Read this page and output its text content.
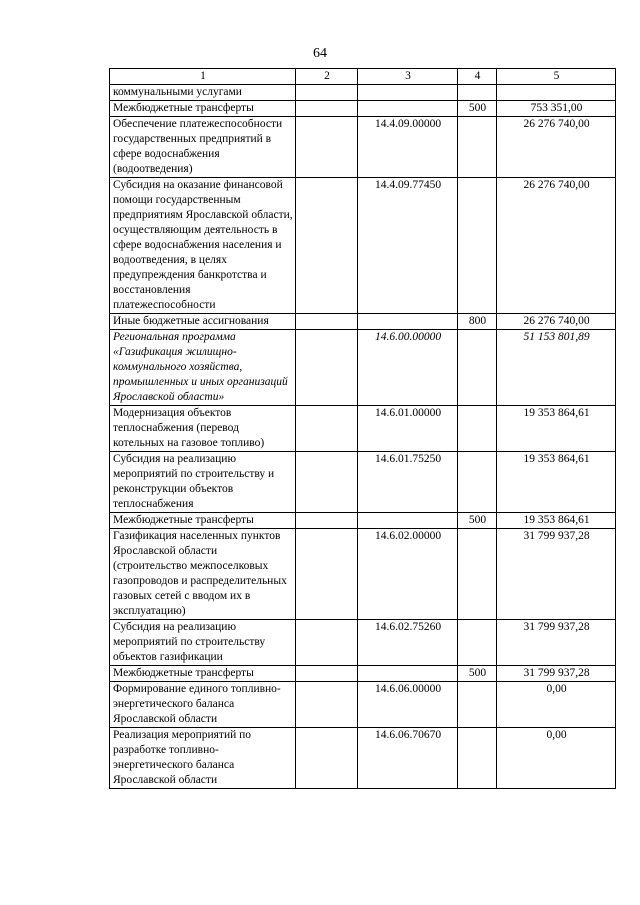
64
1	2	3	4	5
коммунальными услугами				
Межбюджетные трансферты			500	753 351,00
Обеспечение платежеспособности государственных предприятий в сфере водоснабжения (водоотведения)		14.4.09.00000		26 276 740,00
Субсидия на оказание финансовой помощи государственным предприятиям Ярославской области, осуществляющим деятельность в сфере водоснабжения населения и водоотведения, в целях предупреждения банкротства и восстановления платежеспособности		14.4.09.77450		26 276 740,00
Иные бюджетные ассигнования			800	26 276 740,00
Региональная программа «Газификация жилищно-коммунального хозяйства, промышленных и иных организаций Ярославской области»		14.6.00.00000		51 153 801,89
Модернизация объектов теплоснабжения (перевод котельных на газовое топливо)		14.6.01.00000		19 353 864,61
Субсидия на реализацию мероприятий по строительству и реконструкции объектов теплоснабжения		14.6.01.75250		19 353 864,61
Межбюджетные трансферты			500	19 353 864,61
Газификация населенных пунктов Ярославской области (строительство межпоселковых газопроводов и распределительных газовых сетей с вводом их в эксплуатацию)		14.6.02.00000		31 799 937,28
Субсидия на реализацию мероприятий по строительству объектов газификации		14.6.02.75260		31 799 937,28
Межбюджетные трансферты			500	31 799 937,28
Формирование единого топливно-энергетического баланса Ярославской области		14.6.06.00000		0,00
Реализация мероприятий по разработке топливно-энергетического баланса Ярославской области		14.6.06.70670		0,00
